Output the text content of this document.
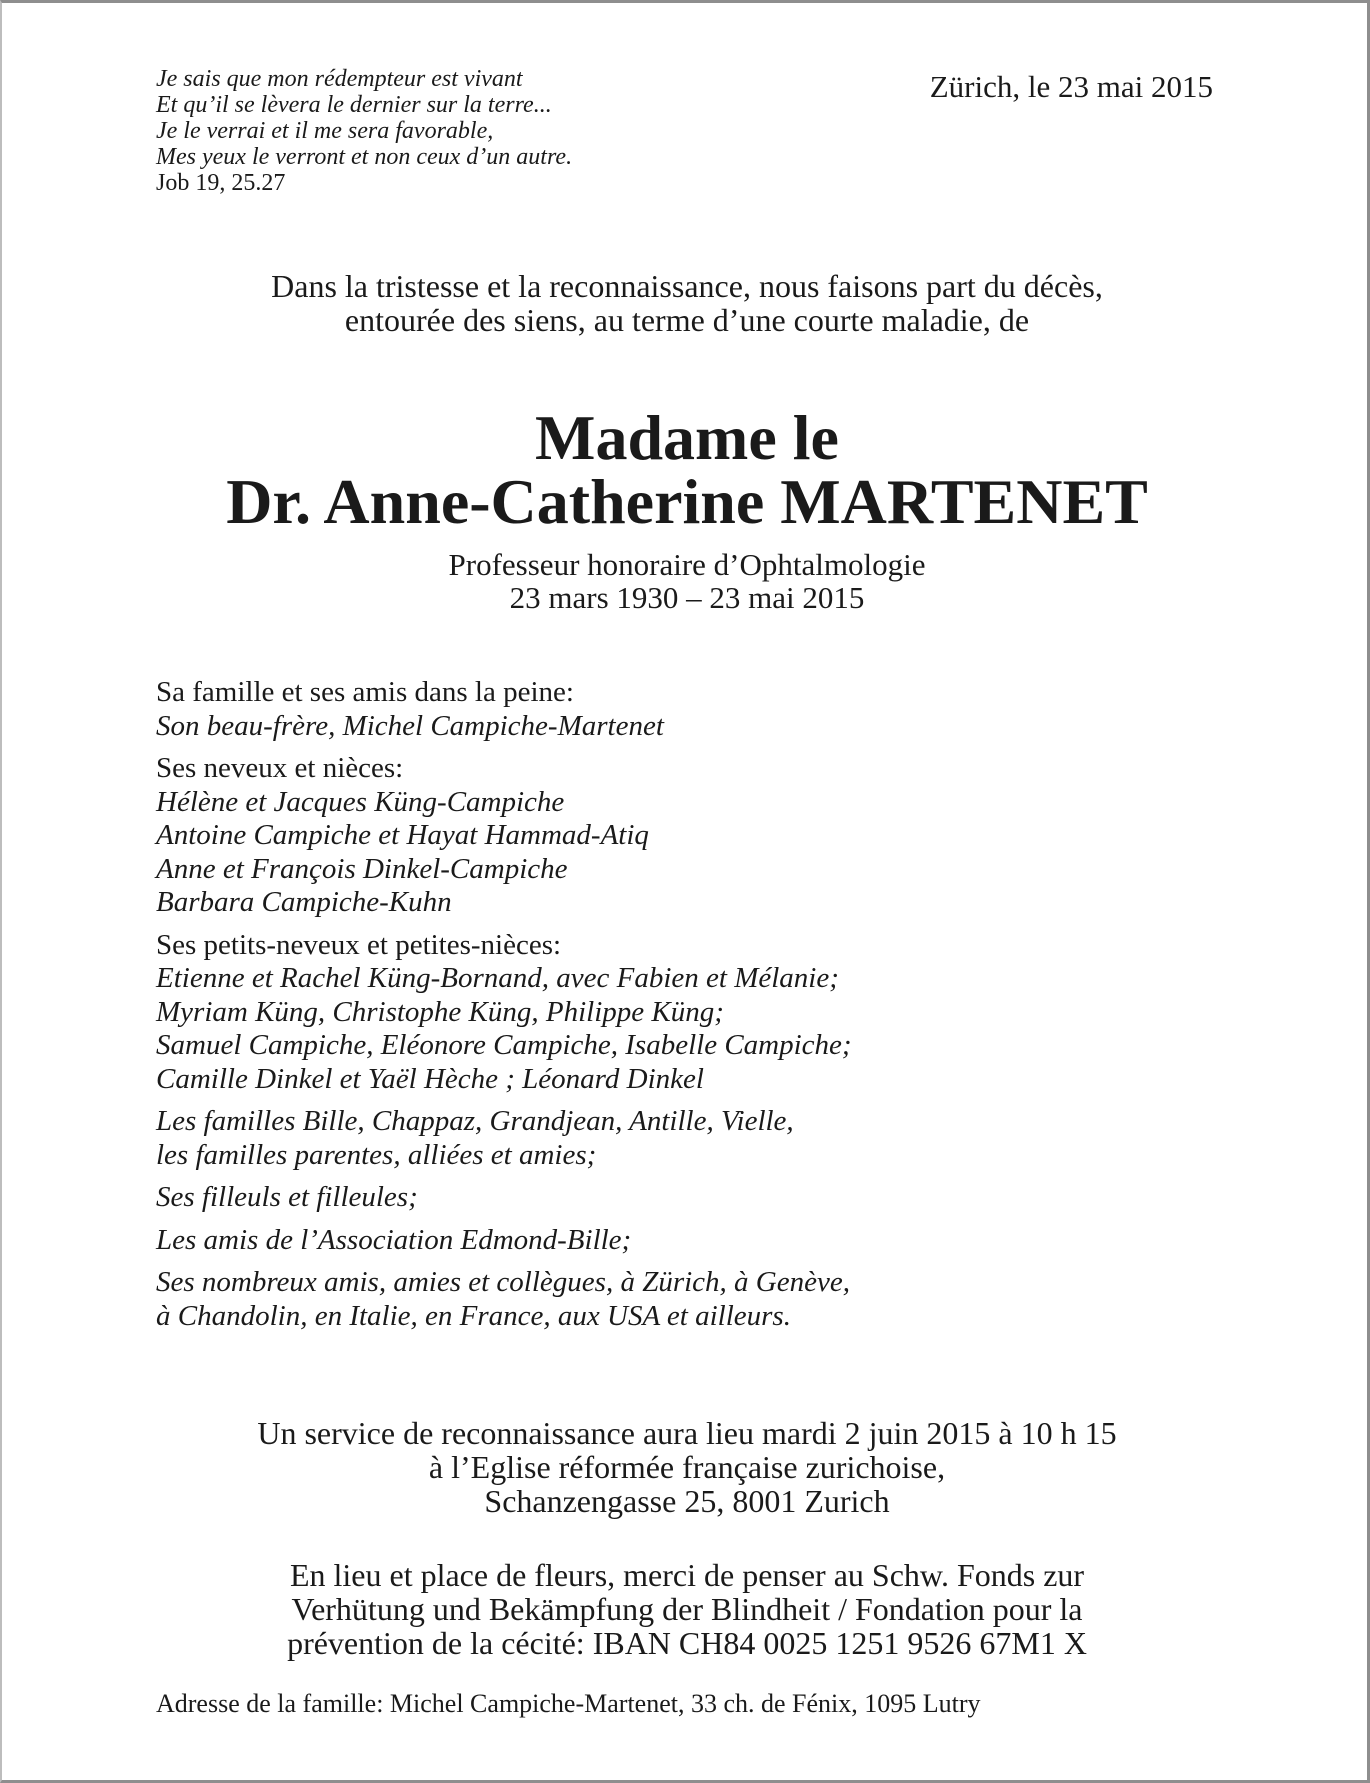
Je sais que mon rédempteur est vivant
Et qu’il se lèvera le dernier sur la terre...
Je le verrai et il me sera favorable,
Mes yeux le verront et non ceux d’un autre.
Job 19, 25.27
Zürich, le 23 mai 2015
Dans la tristesse et la reconnaissance, nous faisons part du décès,
entourée des siens, au terme d’une courte maladie, de
Madame le
Dr. Anne-Catherine MARTENET
Professeur honoraire d’Ophtalmologie
23 mars 1930 – 23 mai 2015
Sa famille et ses amis dans la peine:
Son beau-frère, Michel Campiche-Martenet
Ses neveux et nièces:
Hélène et Jacques Küng-Campiche
Antoine Campiche et Hayat Hammad-Atiq
Anne et François Dinkel-Campiche
Barbara Campiche-Kuhn
Ses petits-neveux et petites-nièces:
Etienne et Rachel Küng-Bornand, avec Fabien et Mélanie;
Myriam Küng, Christophe Küng, Philippe Küng;
Samuel Campiche, Eléonore Campiche, Isabelle Campiche;
Camille Dinkel et Yaël Hèche ; Léonard Dinkel
Les familles Bille, Chappaz, Grandjean, Antille, Vielle,
les familles parentes, alliées et amies;
Ses filleuls et filleules;
Les amis de l’Association Edmond-Bille;
Ses nombreux amis, amies et collègues, à Zürich, à Genève,
à Chandolin, en Italie, en France, aux USA et ailleurs.
Un service de reconnaissance aura lieu mardi 2 juin 2015 à 10 h 15
à l’Eglise réformée française zurichoise,
Schanzengasse 25, 8001 Zurich
En lieu et place de fleurs, merci de penser au Schw. Fonds zur
Verhütung und Bekämpfung der Blindheit / Fondation pour la
prévention de la cécité: IBAN CH84 0025 1251 9526 67M1 X
Adresse de la famille: Michel Campiche-Martenet, 33 ch. de Fénix, 1095 Lutry
